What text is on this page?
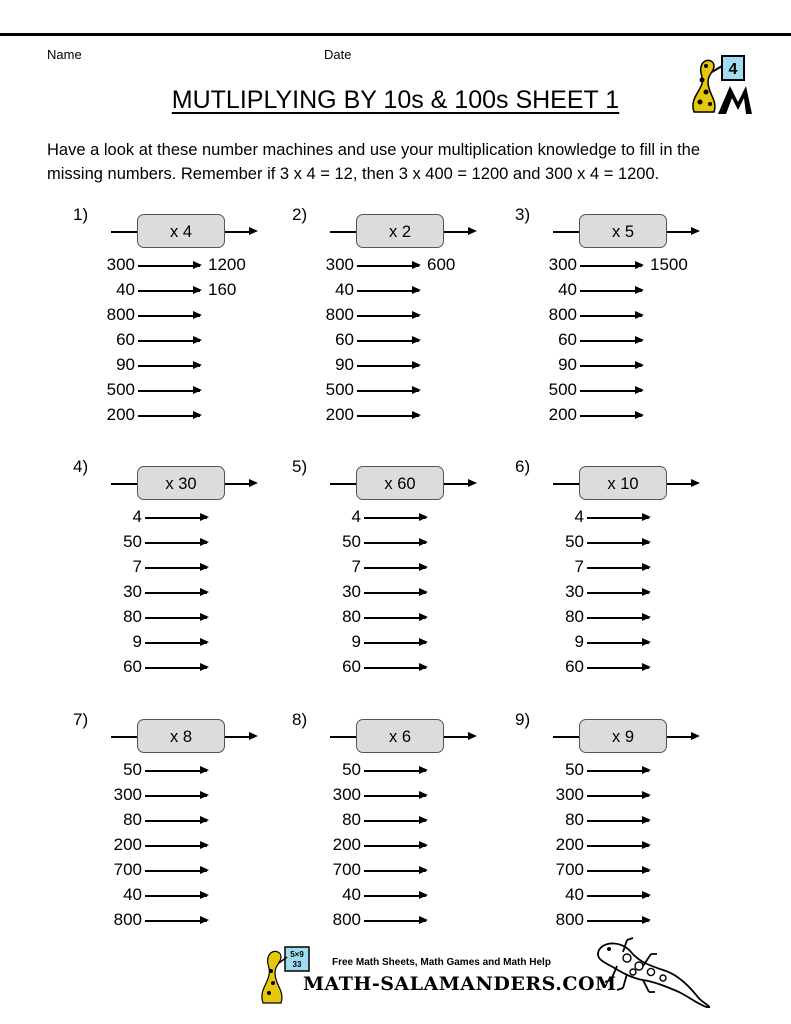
Name	Date
MUTLIPLYING BY 10s & 100s SHEET 1
4

Have a look at these number machines and use your multiplication knowledge to fill in the missing numbers. Remember if 3 x 4 = 12, then 3 x 400 = 1200 and 300 x 4 = 1200.

1)
x 4
300	1200
40	160
800
60
90
500
200
2)
x 2
300	600
40
800
60
90
500
200
3)
x 5
300	1500
40
800
60
90
500
200
4)
x 30
4
50
7
30
80
9
60
5)
x 60
4
50
7
30
80
9
60
6)
x 10
4
50
7
30
80
9
60
7)
x 8
50
300
80
200
700
40
800
8)
x 6
50
300
80
200
700
40
800
9)
x 9
50
300
80
200
700
40
800
5×9
33	Free Math Sheets, Math Games and Math Help
MATH-SALAMANDERS.COM
